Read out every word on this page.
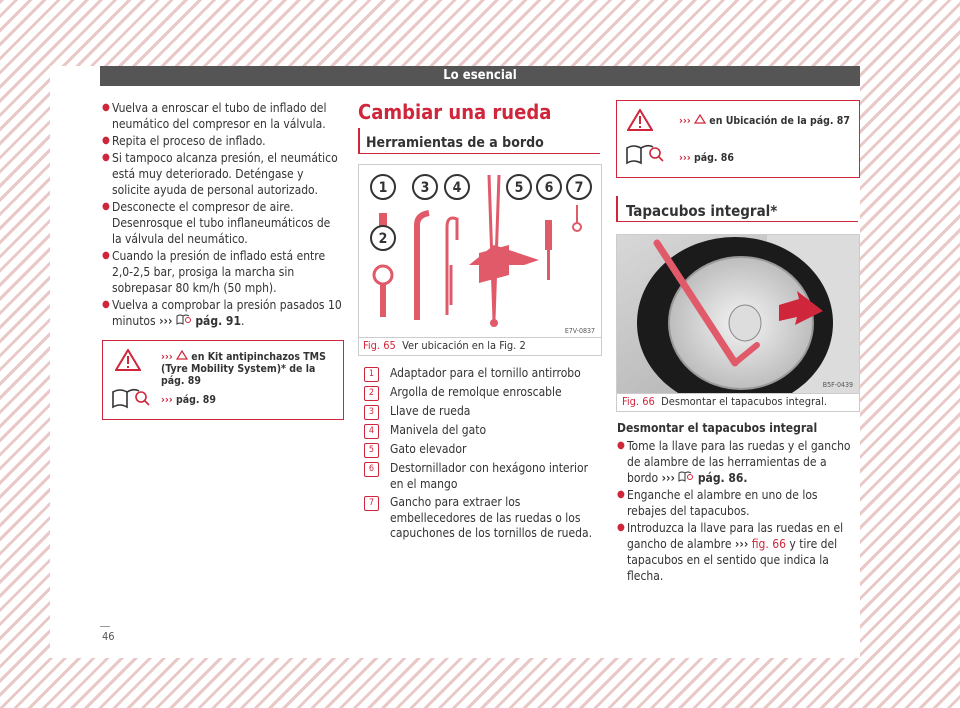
Lo esencial
● Vuelva a enroscar el tubo de inflado del neumático del compresor en la válvula.
● Repita el proceso de inflado.
● Si tampoco alcanza presión, el neumático está muy deteriorado. Deténgase y solicite ayuda de personal autorizado.
● Desconecte el compresor de aire. Desenrosque el tubo inflaneumáticos de la válvula del neumático.
● Cuando la presión de inflado está entre 2,0-2,5 bar, prosiga la marcha sin sobrepasar 80 km/h (50 mph).
● Vuelva a comprobar la presión pasados 10 minutos ››› pág. 91.
››› en Kit antipinchazos TMS (Tyre Mobility System)* de la pág. 89
››› pág. 89
Cambiar una rueda
Herramientas de a bordo
1
2
3 4	5 6 7
E7V-0837
Fig. 65 Ver ubicación en la Fig. 2
1	Adaptador para el tornillo antirrobo
2	Argolla de remolque enroscable
3	Llave de rueda
4	Manivela del gato
5	Gato elevador
6	Destornillador con hexágono interior en el mango
7	Gancho para extraer los embellecedores de las ruedas o los capuchones de los tornillos de rueda.
››› en Ubicación de la pág. 87
››› pág. 86
Tapacubos integral*
B5F-0439
Fig. 66 Desmontar el tapacubos integral.
Desmontar el tapacubos integral
● Tome la llave para las ruedas y el gancho de alambre de las herramientas de a bordo ››› pág. 86.
● Enganche el alambre en uno de los rebajes del tapacubos.
● Introduzca la llave para las ruedas en el gancho de alambre ››› fig. 66 y tire del tapacubos en el sentido que indica la flecha.
46
